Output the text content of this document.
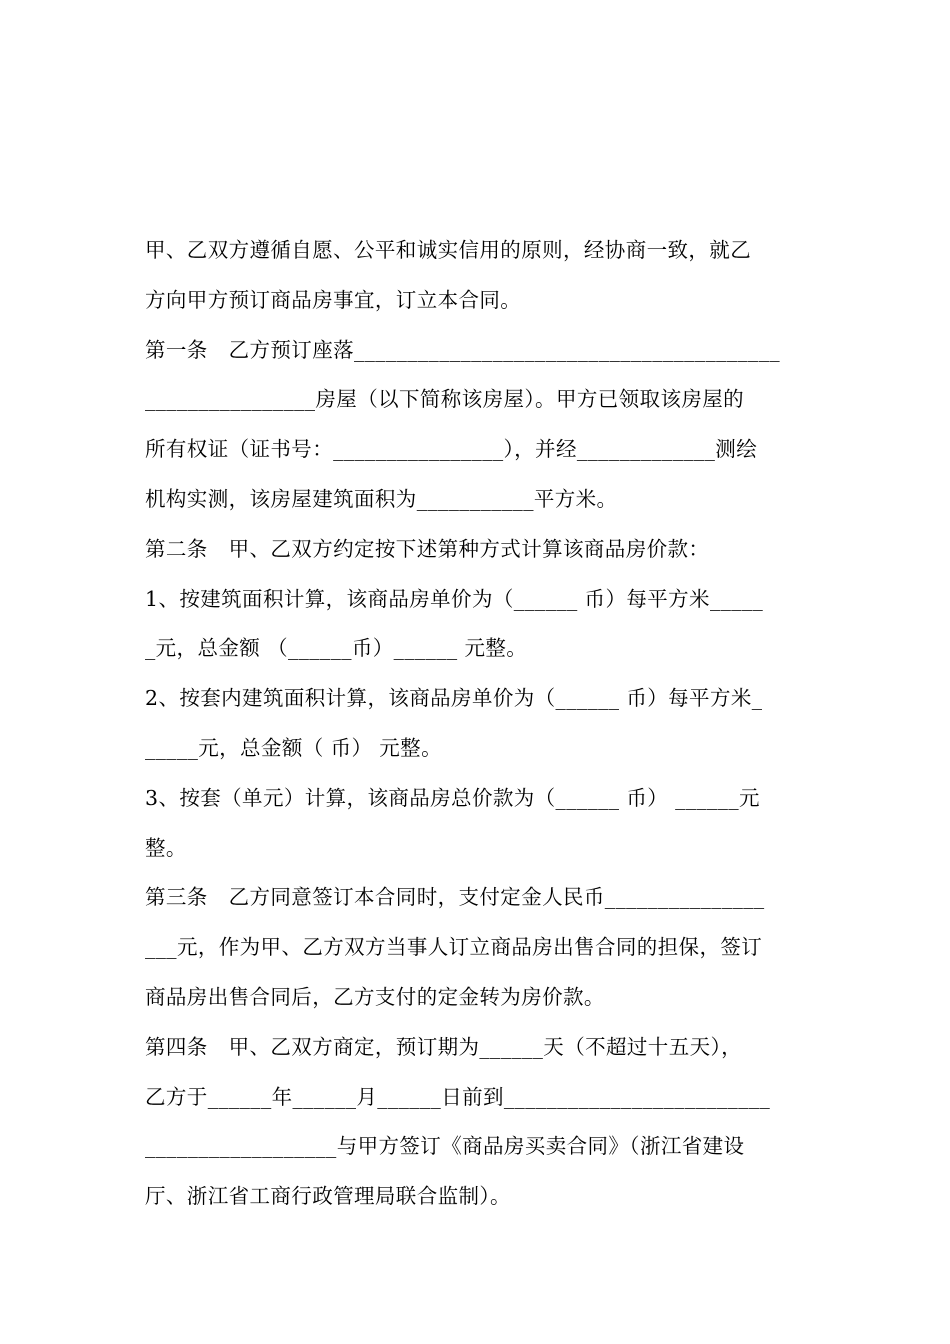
甲、乙双方遵循自愿、公平和诚实信用的原则，经协商一致，就乙
方向甲方预订商品房事宜，订立本合同。
第一条　乙方预订座落________________________________________
________________房屋（以下简称该房屋）。甲方已领取该房屋的
所有权证（证书号：________________），并经_____________测绘
机构实测，该房屋建筑面积为___________平方米。
第二条　甲、乙双方约定按下述第种方式计算该商品房价款：
1、按建筑面积计算，该商品房单价为（______ 币）每平方米_____
_元，总金额 （______币）______ 元整。
2、按套内建筑面积计算，该商品房单价为（______ 币）每平方米_
_____元，总金额（ 币） 元整。
3、按套（单元）计算，该商品房总价款为（______ 币） ______元
整。
第三条　乙方同意签订本合同时，支付定金人民币_______________
___元，作为甲、乙方双方当事人订立商品房出售合同的担保，签订
商品房出售合同后，乙方支付的定金转为房价款。
第四条　甲、乙双方商定，预订期为______天（不超过十五天），
乙方于______年______月______日前到_________________________
__________________与甲方签订《商品房买卖合同》（浙江省建设
厅、浙江省工商行政管理局联合监制）。
